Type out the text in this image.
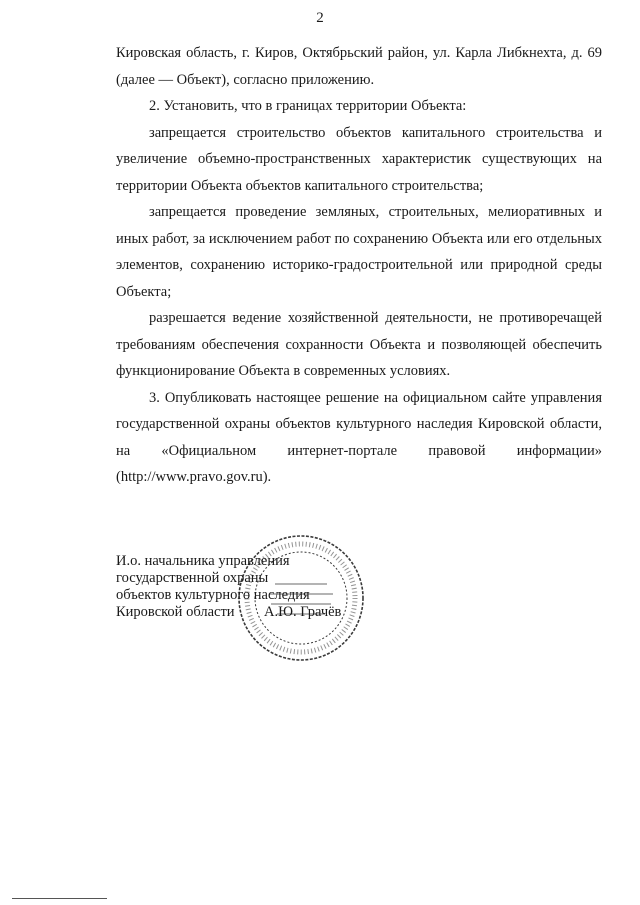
2

Кировская область, г. Киров, Октябрьский район, ул. Карла Либкнехта, д. 69 (далее — Объект), согласно приложению.

2. Установить, что в границах территории Объекта:

запрещается строительство объектов капитального строительства и увеличение объемно-пространственных характеристик существующих на территории Объекта объектов капитального строительства;

запрещается проведение земляных, строительных, мелиоративных и иных работ, за исключением работ по сохранению Объекта или его отдельных элементов, сохранению историко-градостроительной или природной среды Объекта;

разрешается ведение хозяйственной деятельности, не противоречащей требованиям обеспечения сохранности Объекта и позволяющей обеспечить функционирование Объекта в современных условиях.

3. Опубликовать настоящее решение на официальном сайте управления государственной охраны объектов культурного наследия Кировской области, на «Официальном интернет-портале правовой информации» (http://www.pravo.gov.ru).

И.о. начальника управления
государственной охраны
объектов культурного наследия
Кировской области	А.Ю. Грачёв
